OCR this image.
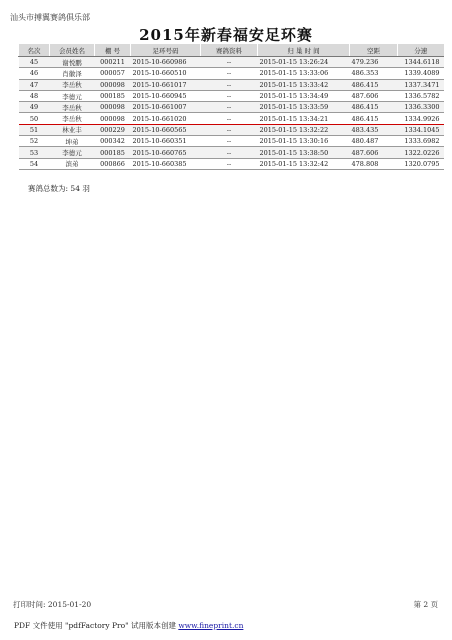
汕头市搏翼赛鸽俱乐部
2015年新春福安足环赛
名次	会员姓名	棚 号	足环号码	赛鸽资料	归 巢 时 间	空距	分速
45	谢悦鹏	000211	2015-10-660986	--	2015-01-15 13:26:24	479.236	1344.6118
46	肖徽泽	000057	2015-10-660510	--	2015-01-15 13:33:06	486.353	1339.4089
47	李岳秋	000098	2015-10-661017	--	2015-01-15 13:33:42	486.415	1337.3471
48	李德元	000185	2015-10-660945	--	2015-01-15 13:34:49	487.606	1336.5782
49	李岳秋	000098	2015-10-661007	--	2015-01-15 13:33:59	486.415	1336.3300
50	李岳秋	000098	2015-10-661020	--	2015-01-15 13:34:21	486.415	1334.9926
51	林业丰	000229	2015-10-660565	--	2015-01-15 13:32:22	483.435	1334.1045
52	坤弟	000342	2015-10-660351	--	2015-01-15 13:30:16	480.487	1333.6982
53	李德元	000185	2015-10-660765	--	2015-01-15 13:38:50	487.606	1322.0226
54	滨弟	000866	2015-10-660385	--	2015-01-15 13:32:42	478.808	1320.0795
赛鸽总数为: 54 羽
打印时间: 2015-01-20	第 2 页
PDF 文件使用 "pdfFactory Pro" 试用版本创建 www.fineprint.cn
